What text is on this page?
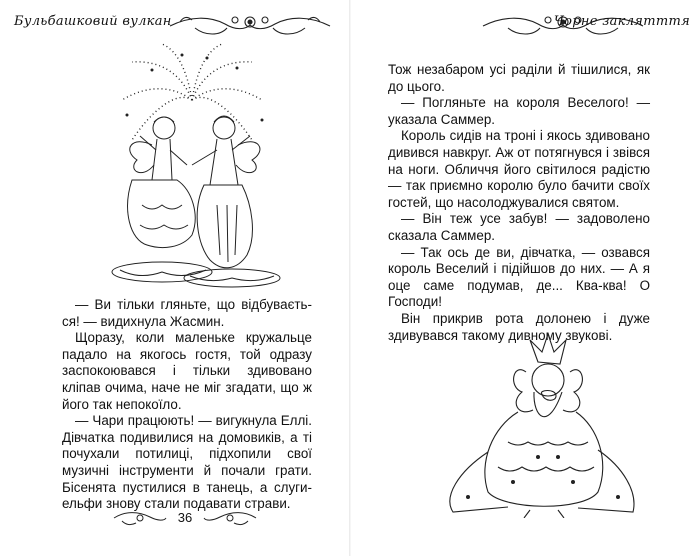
Бульбашковий вулкан

— Ви тільки гляньте, що відбуваєть-ся! — видихнула Жасмин.

Щоразу, коли маленьке кружальце падало на якогось гостя, той одразу заспокоювався і тільки здивовано кліпав очима, наче не міг згадати, що ж його так непокоїло.

— Чари працюють! — вигукнула Еллі. Дівчатка подивилися на домовиків, а ті почухали потилиці, підхопили свої музичні інструменти й почали грати. Бісенята пустилися в танець, а слуги-ельфи знову стали подавати страви.

36
Чорне заклятття

Тож незабаром усі раділи й тішилися, як до цього.

— Погляньте на короля Веселого! — указала Саммер.

Король сидів на троні і якось здивовано дивився навкруг. Аж от потягнувся і звівся на ноги. Обличчя його світилося радістю — так приємно королю було бачити своїх гостей, що насолоджувалися святом.

— Він теж усе забув! — задоволено сказала Саммер.

— Так ось де ви, дівчатка, — озвався король Веселий і підійшов до них. — А я оце саме подумав, де... Ква-ква! О Господи!

Він прикрив рота долонею і дуже здивувався такому дивному звукові.
